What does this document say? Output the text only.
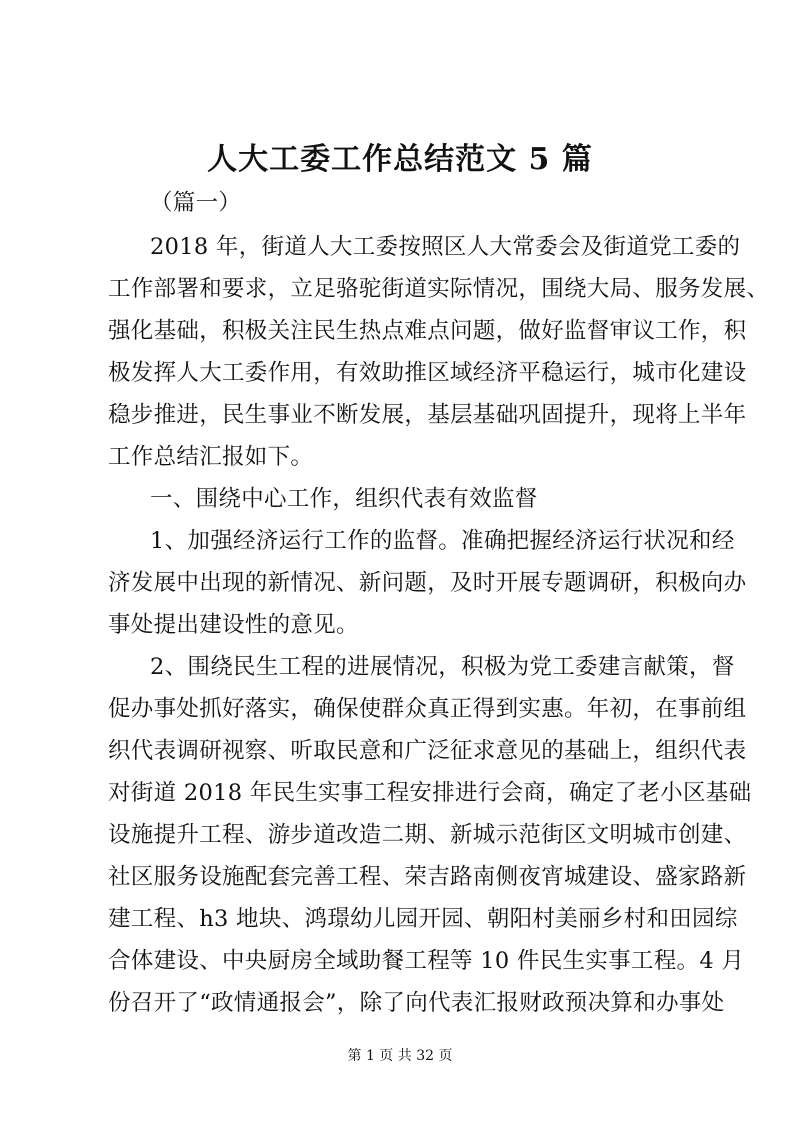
人大工委工作总结范文 5 篇
（篇一）
2018 年，街道人大工委按照区人大常委会及街道党工委的
工作部署和要求，立足骆驼街道实际情况，围绕大局、服务发展、
强化基础，积极关注民生热点难点问题，做好监督审议工作，积
极发挥人大工委作用，有效助推区域经济平稳运行，城市化建设
稳步推进，民生事业不断发展，基层基础巩固提升，现将上半年
工作总结汇报如下。
一、围绕中心工作，组织代表有效监督
1、加强经济运行工作的监督。准确把握经济运行状况和经
济发展中出现的新情况、新问题，及时开展专题调研，积极向办
事处提出建设性的意见。
2、围绕民生工程的进展情况，积极为党工委建言献策，督
促办事处抓好落实，确保使群众真正得到实惠。年初，在事前组
织代表调研视察、听取民意和广泛征求意见的基础上，组织代表
对街道 2018 年民生实事工程安排进行会商，确定了老小区基础
设施提升工程、游步道改造二期、新城示范街区文明城市创建、
社区服务设施配套完善工程、荣吉路南侧夜宵城建设、盛家路新
建工程、h3 地块、鸿璟幼儿园开园、朝阳村美丽乡村和田园综
合体建设、中央厨房全域助餐工程等 10 件民生实事工程。4 月
份召开了“政情通报会”，除了向代表汇报财政预决算和办事处
第 1 页 共 32 页
